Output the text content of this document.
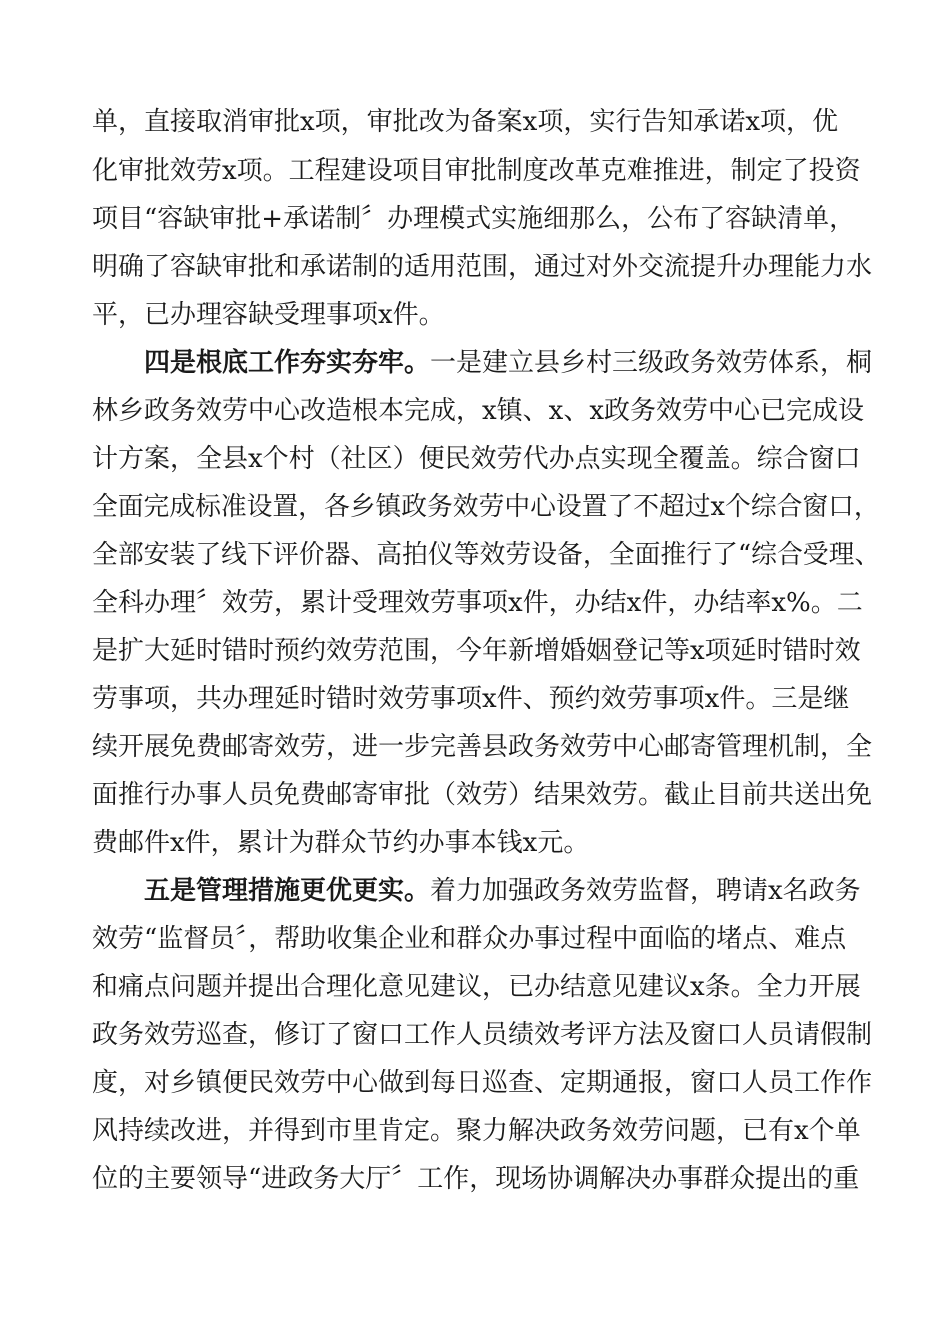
单，直接取消审批x项，审批改为备案x项，实行告知承诺x项，优
化审批效劳x项。工程建设项目审批制度改革克难推进，制定了投资
项目“容缺审批+承诺制〞办理模式实施细那么，公布了容缺清单，
明确了容缺审批和承诺制的适用范围，通过对外交流提升办理能力水
平，已办理容缺受理事项x件。
四是根底工作夯实夯牢。一是建立县乡村三级政务效劳体系，桐
林乡政务效劳中心改造根本完成，x镇、x、x政务效劳中心已完成设
计方案，全县x个村（社区）便民效劳代办点实现全覆盖。综合窗口
全面完成标准设置，各乡镇政务效劳中心设置了不超过x个综合窗口，
全部安装了线下评价器、高拍仪等效劳设备，全面推行了“综合受理、
全科办理〞效劳，累计受理效劳事项x件，办结x件，办结率x%。二
是扩大延时错时预约效劳范围，今年新增婚姻登记等x项延时错时效
劳事项，共办理延时错时效劳事项x件、预约效劳事项x件。三是继
续开展免费邮寄效劳，进一步完善县政务效劳中心邮寄管理机制，全
面推行办事人员免费邮寄审批（效劳）结果效劳。截止目前共送出免
费邮件x件，累计为群众节约办事本钱x元。
五是管理措施更优更实。着力加强政务效劳监督，聘请x名政务
效劳“监督员〞，帮助收集企业和群众办事过程中面临的堵点、难点
和痛点问题并提出合理化意见建议，已办结意见建议x条。全力开展
政务效劳巡查，修订了窗口工作人员绩效考评方法及窗口人员请假制
度，对乡镇便民效劳中心做到每日巡查、定期通报，窗口人员工作作
风持续改进，并得到市里肯定。聚力解决政务效劳问题，已有x个单
位的主要领导“进政务大厅〞工作，现场协调解决办事群众提出的重
